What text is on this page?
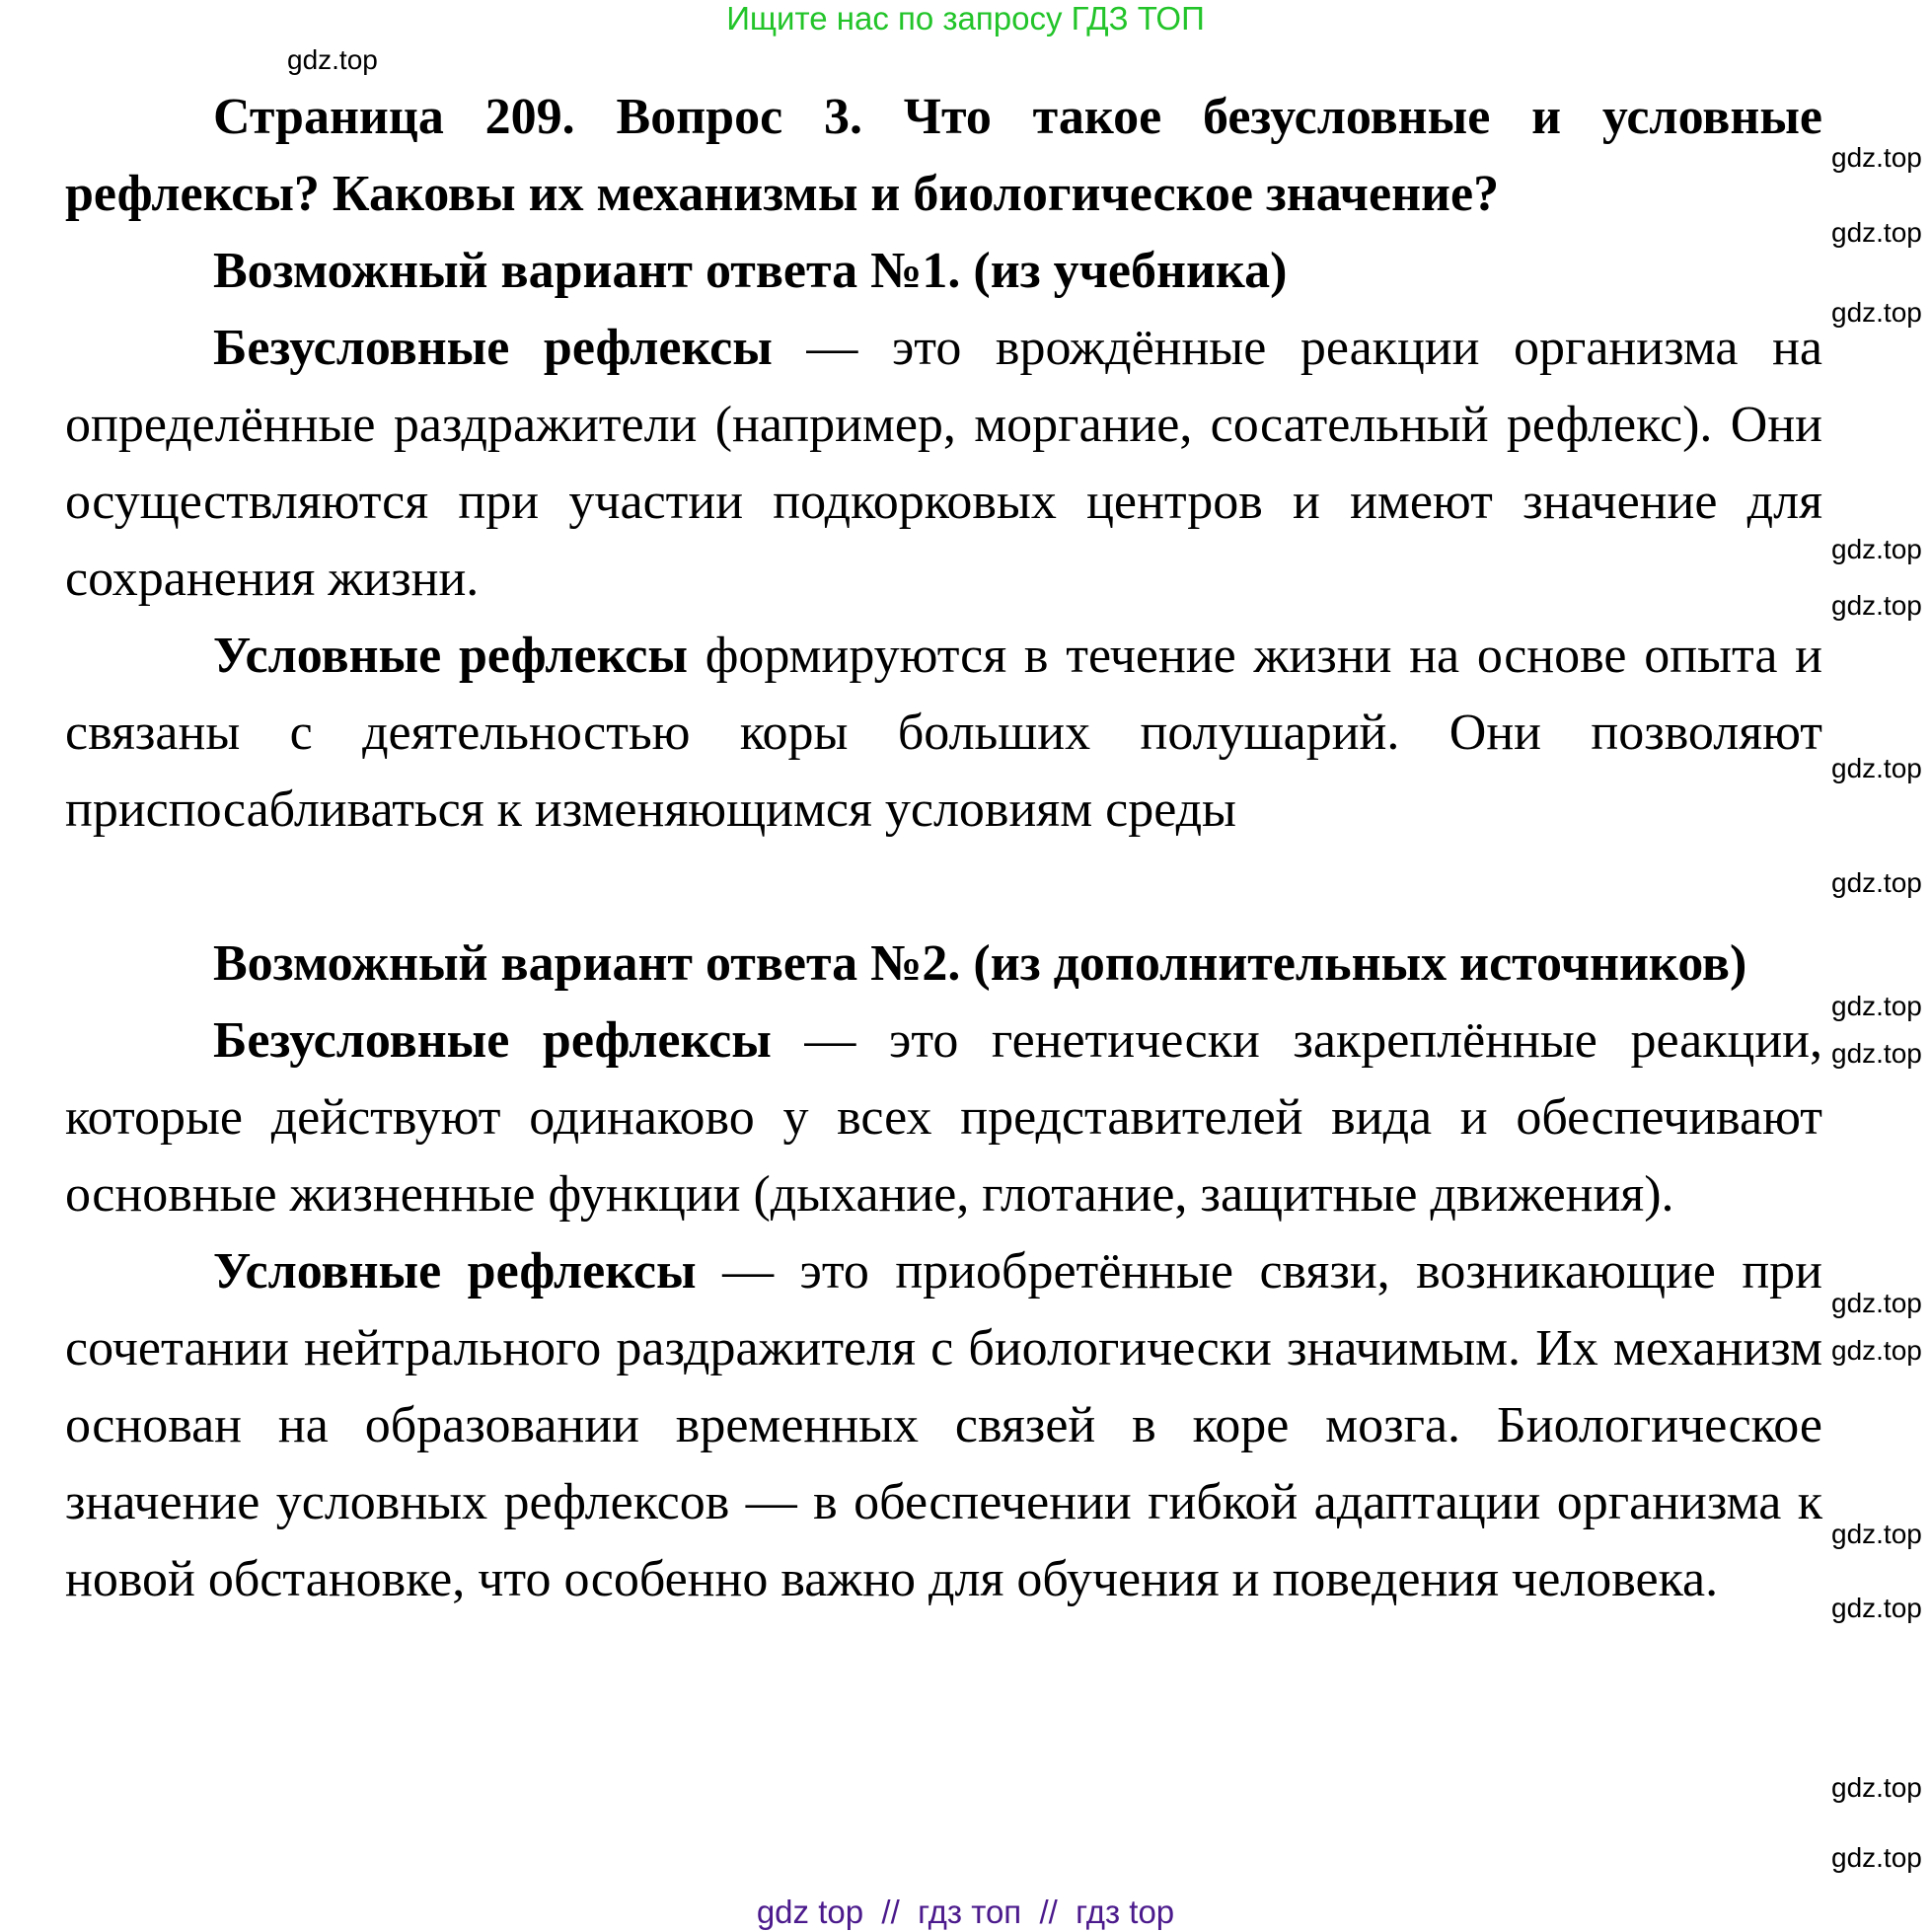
Ищите нас по запросу ГДЗ ТОП

Страница 209. Вопрос 3. Что такое безусловные и условные рефлексы? Каковы их механизмы и биологическое значение?

Возможный вариант ответа №1. (из учебника)

Безусловные рефлексы — это врождённые реакции организма на определённые раздражители (например, моргание, сосательный рефлекс). Они осуществляются при участии подкорковых центров и имеют значение для сохранения жизни.

Условные рефлексы формируются в течение жизни на основе опыта и связаны с деятельностью коры больших полушарий. Они позволяют приспосабливаться к изменяющимся условиям среды

Возможный вариант ответа №2. (из дополнительных источников)

Безусловные рефлексы — это генетически закреплённые реакции, которые действуют одинаково у всех представителей вида и обеспечивают основные жизненные функции (дыхание, глотание, защитные движения).

Условные рефлексы — это приобретённые связи, возникающие при сочетании нейтрального раздражителя с биологически значимым. Их механизм основан на образовании временных связей в коре мозга. Биологическое значение условных рефлексов — в обеспечении гибкой адаптации организма к новой обстановке, что особенно важно для обучения и поведения человека.

gdz.top
gdz.top
gdz.top
gdz.top
gdz.top
gdz.top
gdz.top
gdz.top
gdz.top
gdz.top
gdz.top
gdz.top
gdz.top
gdz.top
gdz.top
gdz.top
gdz top  //  гдз топ  //  гдз top
